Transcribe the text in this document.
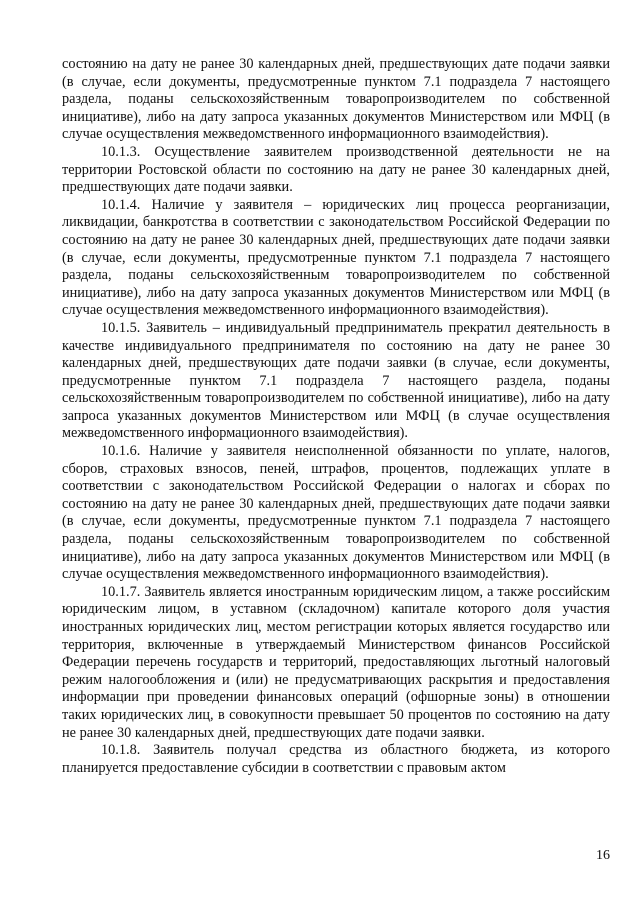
состоянию на дату не ранее 30 календарных дней, предшествующих дате подачи заявки (в случае, если документы, предусмотренные пунктом 7.1 подраздела 7 настоящего раздела, поданы сельскохозяйственным товаропроизводителем по собственной инициативе), либо на дату запроса указанных документов Министерством или МФЦ (в случае осуществления межведомственного информационного взаимодействия).

10.1.3. Осуществление заявителем производственной деятельности не на территории Ростовской области по состоянию на дату не ранее 30 календарных дней, предшествующих дате подачи заявки.

10.1.4. Наличие у заявителя – юридических лиц процесса реорганизации, ликвидации, банкротства в соответствии с законодательством Российской Федерации по состоянию на дату не ранее 30 календарных дней, предшествующих дате подачи заявки (в случае, если документы, предусмотренные пунктом 7.1 подраздела 7 настоящего раздела, поданы сельскохозяйственным товаропроизводителем по собственной инициативе), либо на дату запроса указанных документов Министерством или МФЦ (в случае осуществления межведомственного информационного взаимодействия).

10.1.5. Заявитель – индивидуальный предприниматель прекратил деятельность в качестве индивидуального предпринимателя по состоянию на дату не ранее 30 календарных дней, предшествующих дате подачи заявки (в случае, если документы, предусмотренные пунктом 7.1 подраздела 7 настоящего раздела, поданы сельскохозяйственным товаропроизводителем по собственной инициативе), либо на дату запроса указанных документов Министерством или МФЦ (в случае осуществления межведомственного информационного взаимодействия).

10.1.6. Наличие у заявителя неисполненной обязанности по уплате, налогов, сборов, страховых взносов, пеней, штрафов, процентов, подлежащих уплате в соответствии с законодательством Российской Федерации о налогах и сборах по состоянию на дату не ранее 30 календарных дней, предшествующих дате подачи заявки (в случае, если документы, предусмотренные пунктом 7.1 подраздела 7 настоящего раздела, поданы сельскохозяйственным товаропроизводителем по собственной инициативе), либо на дату запроса указанных документов Министерством или МФЦ (в случае осуществления межведомственного информационного взаимодействия).

10.1.7. Заявитель является иностранным юридическим лицом, а также российским юридическим лицом, в уставном (складочном) капитале которого доля участия иностранных юридических лиц, местом регистрации которых является государство или территория, включенные в утверждаемый Министерством финансов Российской Федерации перечень государств и территорий, предоставляющих льготный налоговый режим налогообложения и (или) не предусматривающих раскрытия и предоставления информации при проведении финансовых операций (офшорные зоны) в отношении таких юридических лиц, в совокупности превышает 50 процентов по состоянию на дату не ранее 30 календарных дней, предшествующих дате подачи заявки.

10.1.8. Заявитель получал средства из областного бюджета, из которого планируется предоставление субсидии в соответствии с правовым актом

16
